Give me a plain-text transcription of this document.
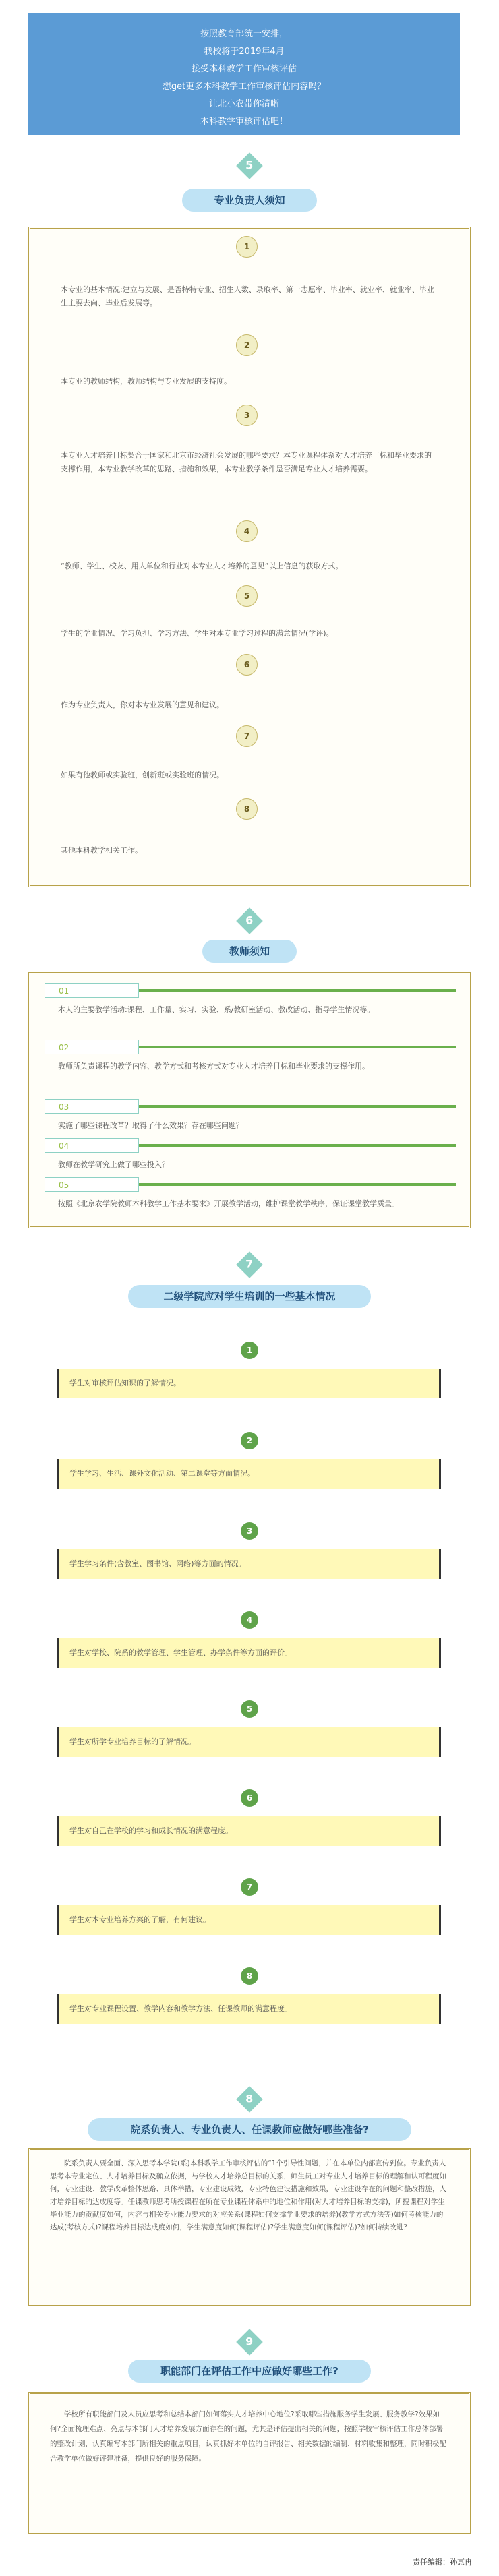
按照教育部统一安排，
我校将于2019年4月
接受本科教学工作审核评估
想get更多本科教学工作审核评估内容吗？
让北小农带你清晰
本科教学审核评估吧！
5
专业负责人须知
1
本专业的基本情况:建立与发展、是否特特专业、招生人数、录取率、第一志愿率、毕业率、就业率、就业率、毕业生主要去向、毕业后发展等。
2
本专业的教师结构，教师结构与专业发展的支持度。
3
本专业人才培养目标契合于国家和北京市经济社会发展的哪些要求？本专业课程体系对人才培养目标和毕业要求的支撑作用，本专业教学改革的思路、措施和效果，本专业教学条件是否满足专业人才培养需要。
4
“教师、学生、校友、用人单位和行业对本专业人才培养的意见”以上信息的获取方式。
5
学生的学业情况、学习负担、学习方法、学生对本专业学习过程的满意情况(学评)。
6
作为专业负责人，你对本专业发展的意见和建议。
7
如果有他教师或实验班，创新班或实验班的情况。
8
其他本科教学相关工作。
6
教师须知
01
本人的主要教学活动:课程、工作量、实习、实验、系/教研室活动、教改活动、指导学生情况等。
02
教师所负责课程的教学内容、教学方式和考核方式对专业人才培养目标和毕业要求的支撑作用。
03
实施了哪些课程改革？取得了什么效果？存在哪些问题？
04
教师在教学研究上做了哪些投入？
05
按照《北京农学院教师本科教学工作基本要求》开展教学活动，维护课堂教学秩序，保证课堂教学质量。
7
二级学院应对学生培训的一些基本情况
1
学生对审核评估知识的了解情况。
2
学生学习、生活、课外文化活动、第二课堂等方面情况。
3
学生学习条件(含教室、图书馆、网络)等方面的情况。
4
学生对学校、院系的教学管理、学生管理、办学条件等方面的评价。
5
学生对所学专业培养目标的了解情况。
6
学生对自己在学校的学习和成长情况的满意程度。
7
学生对本专业培养方案的了解，有何建议。
8
学生对专业课程设置、教学内容和教学方法、任课教师的满意程度。
8
院系负责人、专业负责人、任课教师应做好哪些准备?
院系负责人要全面、深入思考本学院(系)本科教学工作审核评估的“1个引导性问题，并在本单位内部宣传到位。专业负责人思考本专业定位、人才培养目标及确立依据，与学校人才培养总目标的关系，师生员工对专业人才培养目标的理解和认可程度如何，专业建设、教学改革整体思路、具体举措，专业建设成效，专业特色建设措施和效果，专业建设存在的问题和整改措施，人才培养目标的达成度等。任课教师思考所授课程在所在专业课程体系中的地位和作用(对人才培养目标的支撑)，所授课程对学生毕业能力的贡献度如何，内容与相关专业能力要求的对应关系(课程如何支撑学业要求的培养)(教学方式方法等)如何考核能力的达成(考核方式)?课程培养目标达成度如何，学生满意度如何(课程评估)?学生满意度如何(课程评估)?如何持续改进？
9
职能部门在评估工作中应做好哪些工作?
学校所有职能部门及人员应思考和总结本部门如何落实人才培养中心地位?采取哪些措施服务学生发展、服务教学?效果如何?全面梳理难点、亮点与本部门人才培养发展方面存在的问题，尤其是评估提出相关的问题，按照学校审核评估工作总体部署的整改计划，认真编写本部门所相关的重点项目，认真抓好本单位的自评报告、相关数据的编制、材料收集和整理，同时积极配合教学单位做好评建准备，提供良好的服务保障。
责任编辑：孙惠冉
